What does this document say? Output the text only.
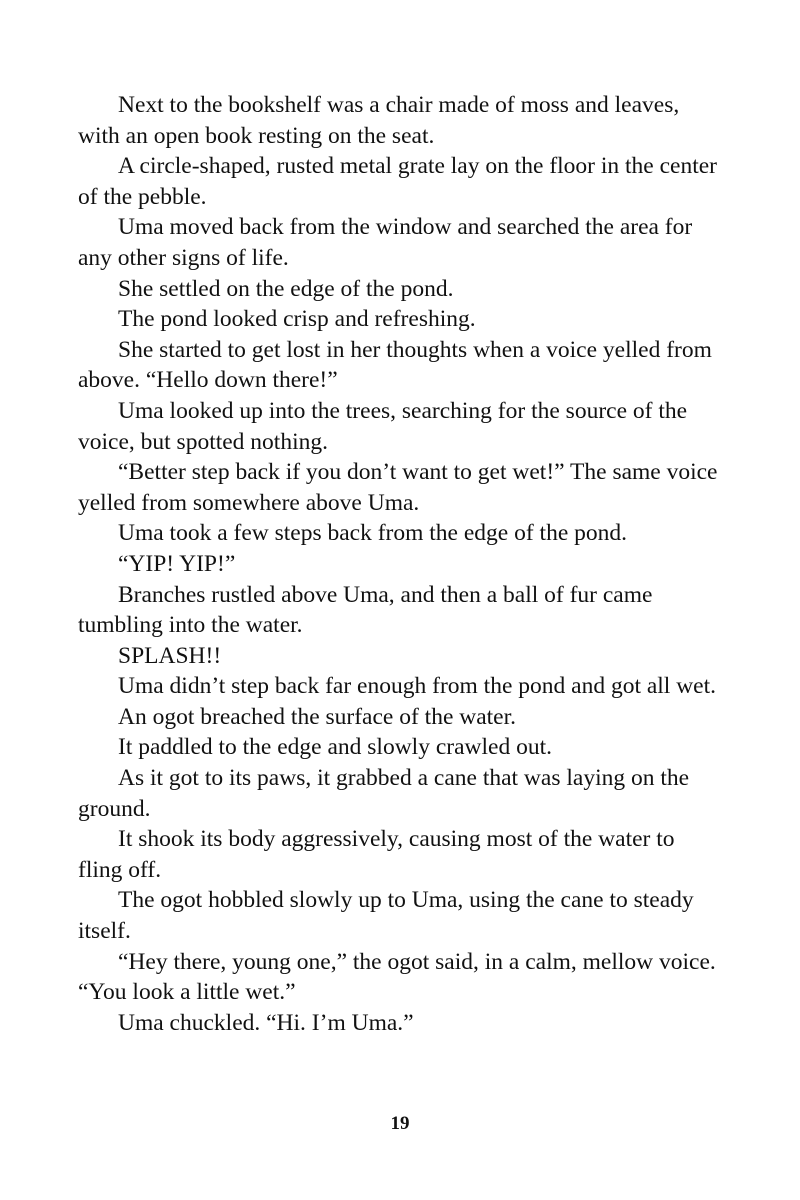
Next to the bookshelf was a chair made of moss and leaves, with an open book resting on the seat.

A circle-shaped, rusted metal grate lay on the floor in the center of the pebble.

Uma moved back from the window and searched the area for any other signs of life.

She settled on the edge of the pond.

The pond looked crisp and refreshing.

She started to get lost in her thoughts when a voice yelled from above. “Hello down there!”

Uma looked up into the trees, searching for the source of the voice, but spotted nothing.

“Better step back if you don’t want to get wet!” The same voice yelled from somewhere above Uma.

Uma took a few steps back from the edge of the pond.

“YIP! YIP!”

Branches rustled above Uma, and then a ball of fur came tumbling into the water.

SPLASH!!

Uma didn’t step back far enough from the pond and got all wet.

An ogot breached the surface of the water.

It paddled to the edge and slowly crawled out.

As it got to its paws, it grabbed a cane that was laying on the ground.

It shook its body aggressively, causing most of the water to fling off.

The ogot hobbled slowly up to Uma, using the cane to steady itself.

“Hey there, young one,” the ogot said, in a calm, mellow voice. “You look a little wet.”

Uma chuckled. “Hi. I’m Uma.”

19
